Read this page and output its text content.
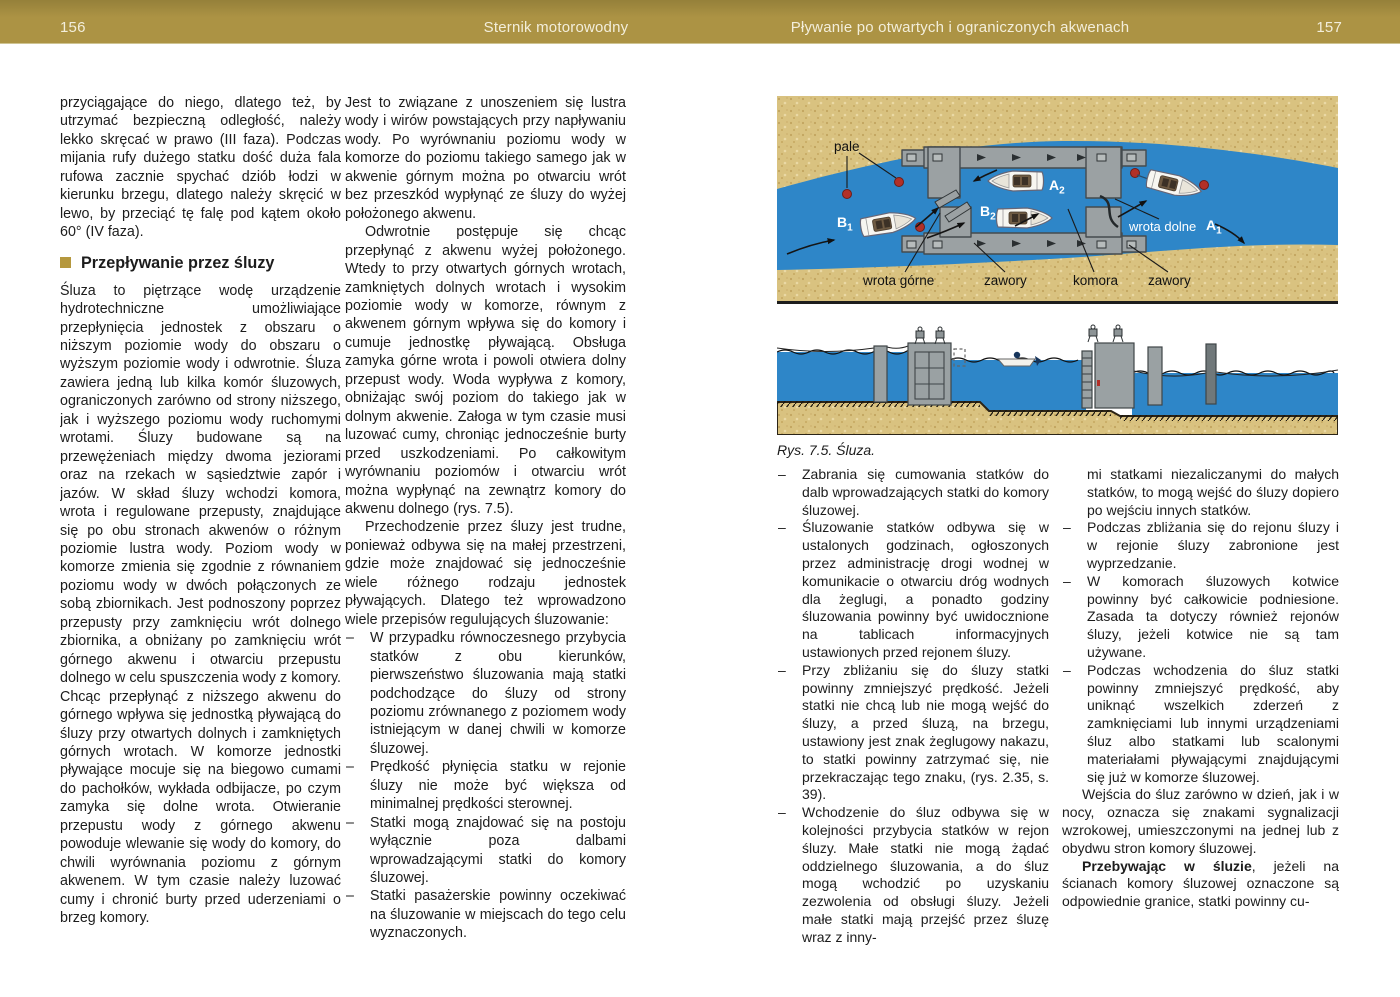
156	Sternik motorowodny	Pływanie po otwartych i ograniczonych akwenach	157

przyciągające do niego, dlatego też, by utrzymać bezpieczną odległość, należy lekko skręcać w prawo (III faza). Podczas mijania rufy dużego statku dość duża fala rufowa zacznie spychać dziób łodzi w kierunku brzegu, dlatego należy skręcić w lewo, by przeciąć tę falę pod kątem około 60° (IV faza).

Przepływanie przez śluzy

Śluza to piętrzące wodę urządzenie hydrotechniczne umożliwiające przepłynięcia jednostek z obszaru o niższym poziomie wody do obszaru o wyższym poziomie wody i odwrotnie. Śluza zawiera jedną lub kilka komór śluzowych, ograniczonych zarówno od strony niższego, jak i wyższego poziomu wody ruchomymi wrotami. Śluzy budowane są na przewężeniach między dwoma jeziorami oraz na rzekach w sąsiedztwie zapór i jazów. W skład śluzy wchodzi komora, wrota i regulowane przepusty, znajdujące się po obu stronach akwenów o różnym poziomie lustra wody. Poziom wody w komorze zmienia się zgodnie z równaniem poziomu wody w dwóch połączonych ze sobą zbiornikach. Jest podnoszony poprzez przepusty przy zamknięciu wrót dolnego zbiornika, a obniżany po zamknięciu wrót górnego akwenu i otwarciu przepustu dolnego w celu spuszczenia wody z komory. Chcąc przepłynąć z niższego akwenu do górnego wpływa się jednostką pływającą do śluzy przy otwartych dolnych i zamkniętych górnych wrotach. W komorze jednostki pływające mocuje się na biegowo cumami do pachołków, wykłada odbijacze, po czym zamyka się dolne wrota. Otwieranie przepustu wody z górnego akwenu powoduje wlewanie się wody do komory, do chwili wyrównania poziomu z górnym akwenem. W tym czasie należy luzować cumy i chronić burty przed uderzeniami o brzeg komory.

Jest to związane z unoszeniem się lustra wody i wirów powstających przy napływaniu wody. Po wyrównaniu poziomu wody w komorze do poziomu takiego samego jak w akwenie górnym można po otwarciu wrót bez przeszkód wypłynąć ze śluzy do wyżej położonego akwenu.

Odwrotnie postępuje się chcąc przepłynąć z akwenu wyżej położonego. Wtedy to przy otwartych górnych wrotach, zamkniętych dolnych wrotach i wysokim poziomie wody w komorze, równym z akwenem górnym wpływa się do komory i cumuje jednostkę pływającą. Obsługa zamyka górne wrota i powoli otwiera dolny przepust wody. Woda wypływa z komory, obniżając swój poziom do takiego jak w dolnym akwenie. Załoga w tym czasie musi luzować cumy, chroniąc jednocześnie burty przed uszkodzeniami. Po całkowitym wyrównaniu poziomów i otwarciu wrót można wypłynąć na zewnątrz komory do akwenu dolnego (rys. 7.5).

Przechodzenie przez śluzy jest trudne, ponieważ odbywa się na małej przestrzeni, gdzie może znajdować się jednocześnie wiele różnego rodzaju jednostek pływających. Dlatego też wprowadzono wiele przepisów regulujących śluzowanie:

– W przypadku równoczesnego przybycia statków z obu kierunków, pierwszeństwo śluzowania mają statki podchodzące do śluzy od strony poziomu zrównanego z poziomem wody istniejącym w danej chwili w komorze śluzowej.
– Prędkość płynięcia statku w rejonie śluzy nie może być większa od minimalnej prędkości sterownej.
– Statki mogą znajdować się na postoju wyłącznie poza dalbami wprowadzającymi statki do komory śluzowej.
– Statki pasażerskie powinny oczekiwać na śluzowanie w miejscach do tego celu wyznaczonych.
pale
$B_1$
$B_2$
$A_2$
$A_1$
wrota dolne
wrota górne	zawory	komora zawory
Rys. 7.5. Śluza.
– Zabrania się cumowania statków do dalb wprowadzających statki do komory śluzowej.
– Śluzowanie statków odbywa się w ustalonych godzinach, ogłoszonych przez administrację drogi wodnej w komunikacie o otwarciu dróg wodnych dla żeglugi, a ponadto godziny śluzowania powinny być uwidocznione na tablicach informacyjnych ustawionych przed rejonem śluzy.
– Przy zbliżaniu się do śluzy statki powinny zmniejszyć prędkość. Jeżeli statki nie chcą lub nie mogą wejść do śluzy, a przed śluzą, na brzegu, ustawiony jest znak żeglugowy nakazu, to statki powinny zatrzymać się, nie przekraczając tego znaku, (rys. 2.35, s. 39).
– Wchodzenie do śluz odbywa się w kolejności przybycia statków w rejon śluzy. Małe statki nie mogą żądać oddzielnego śluzowania, a do śluz mogą wchodzić po uzyskaniu zezwolenia od obsługi śluzy. Jeżeli małe statki mają przejść przez śluzę wraz z inny-
mi statkami niezaliczanymi do małych statków, to mogą wejść do śluzy dopiero po wejściu innych statków.
– Podczas zbliżania się do rejonu śluzy i w rejonie śluzy zabronione jest wyprzedzanie.
– W komorach śluzowych kotwice powinny być całkowicie podniesione. Zasada ta dotyczy również rejonów śluzy, jeżeli kotwice nie są tam używane.
– Podczas wchodzenia do śluz statki powinny zmniejszyć prędkość, aby uniknąć wszelkich zderzeń z zamknięciami lub innymi urządzeniami śluz albo statkami lub scalonymi materiałami pływającymi znajdującymi się już w komorze śluzowej.

Wejścia do śluz zarówno w dzień, jak i w nocy, oznacza się znakami sygnalizacji wzrokowej, umieszczonymi na jednej lub z obydwu stron komory śluzowej.

Przebywając w śluzie, jeżeli na ścianach komory śluzowej oznaczone są odpowiednie granice, statki powinny cu-
